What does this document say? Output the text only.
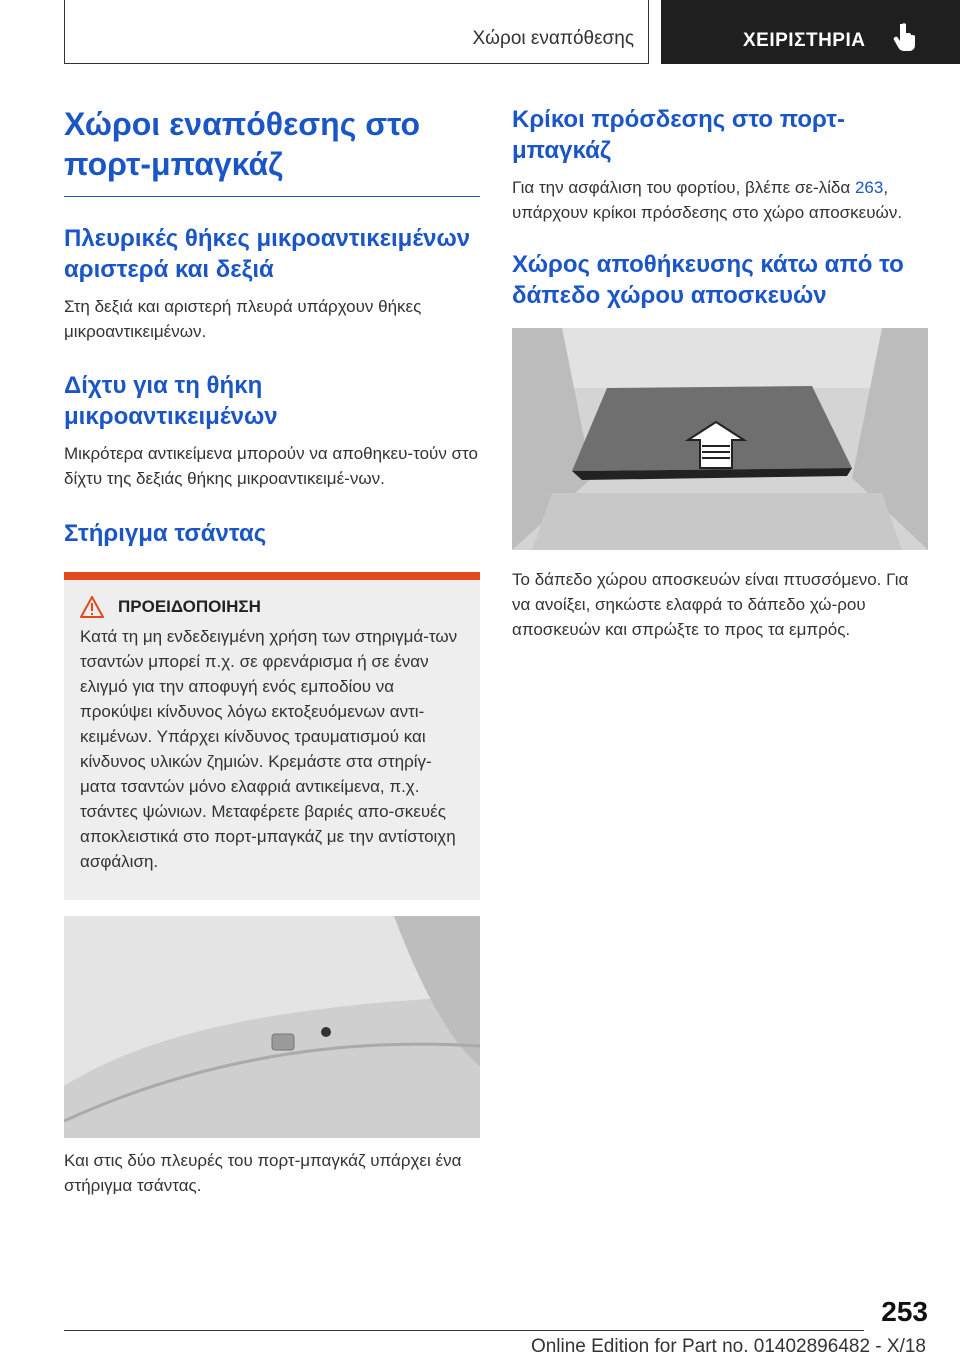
Χώροι εναπόθεσης	ΧΕΙΡΙΣΤΗΡΙΑ
Χώροι εναπόθεσης στο πορτ-μπαγκάζ
Πλευρικές θήκες μικροαντικειμένων αριστερά και δεξιά

Στη δεξιά και αριστερή πλευρά υπάρχουν θήκες μικροαντικειμένων.

Δίχτυ για τη θήκη μικροαντικειμένων

Μικρότερα αντικείμενα μπορούν να αποθηκευ-τούν στο δίχτυ της δεξιάς θήκης μικροαντικειμέ-νων.

Στήριγμα τσάντας
ΠΡΟΕΙΔΟΠΟΙΗΣΗ

Κατά τη μη ενδεδειγμένη χρήση των στηριγμά-των τσαντών μπορεί π.χ. σε φρενάρισμα ή σε έναν ελιγμό για την αποφυγή ενός εμποδίου να προκύψει κίνδυνος λόγω εκτοξευόμενων αντι-κειμένων. Υπάρχει κίνδυνος τραυματισμού και κίνδυνος υλικών ζημιών. Κρεμάστε στα στηρίγ-ματα τσαντών μόνο ελαφριά αντικείμενα, π.χ. τσάντες ψώνιων. Μεταφέρετε βαριές απο-σκευές αποκλειστικά στο πορτ-μπαγκάζ με την αντίστοιχη ασφάλιση.

Και στις δύο πλευρές του πορτ-μπαγκάζ υπάρχει ένα στήριγμα τσάντας.

Κρίκοι πρόσδεσης στο πορτ-μπαγκάζ

Για την ασφάλιση του φορτίου, βλέπε σε-λίδα 263, υπάρχουν κρίκοι πρόσδεσης στο χώρο αποσκευών.

Χώρος αποθήκευσης κάτω από το δάπεδο χώρου αποσκευών

Το δάπεδο χώρου αποσκευών είναι πτυσσόμενο. Για να ανοίξει, σηκώστε ελαφρά το δάπεδο χώ-ρου αποσκευών και σπρώξτε το προς τα εμπρός.

253
Online Edition for Part no. 01402896482 - X/18
